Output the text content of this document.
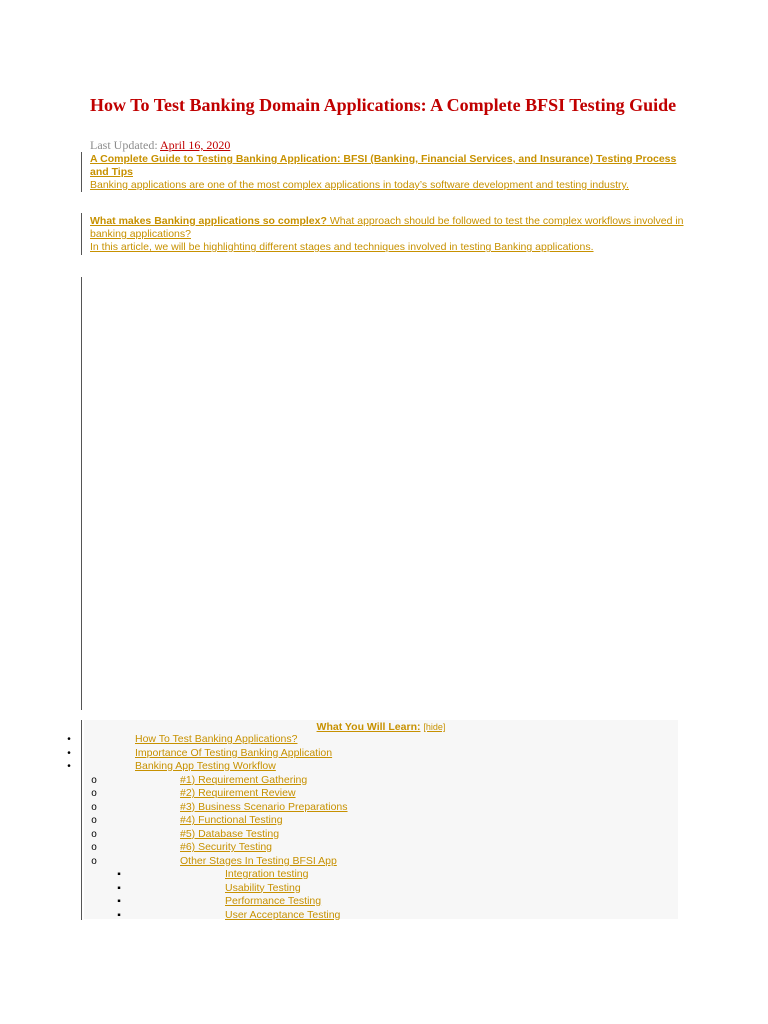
How To Test Banking Domain Applications: A Complete BFSI Testing Guide
Last Updated: April 16, 2020
A Complete Guide to Testing Banking Application: BFSI (Banking, Financial Services, and Insurance) Testing Process and Tips
Banking applications are one of the most complex applications in today’s software development and testing industry.
What makes Banking applications so complex? What approach should be followed to test the complex workflows involved in banking applications?
In this article, we will be highlighting different stages and techniques involved in testing Banking applications.
What You Will Learn: [hide]
•	How To Test Banking Applications?
•	Importance Of Testing Banking Application
•	Banking App Testing Workflow
o	#1) Requirement Gathering
o	#2) Requirement Review
o	#3) Business Scenario Preparations
o	#4) Functional Testing
o	#5) Database Testing
o	#6) Security Testing
o	Other Stages In Testing BFSI App
▪	Integration testing
▪	Usability Testing
▪	Performance Testing
▪	User Acceptance Testing
